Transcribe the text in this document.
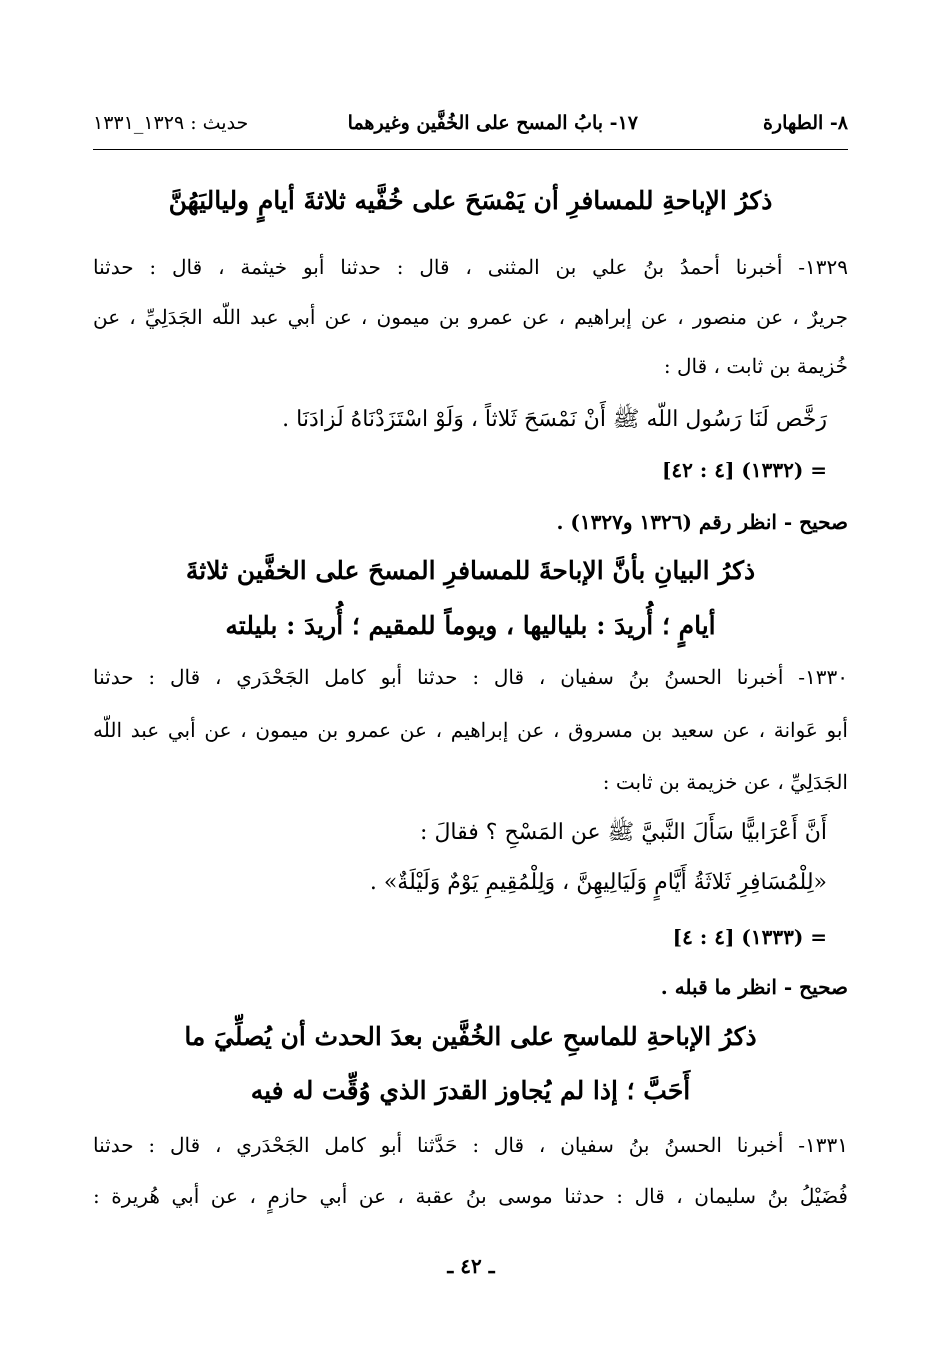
٨- الطهارة
١٧- بابُ المسح على الخُفَّين وغيرهما
حديث : ١٣٢٩_١٣٣١
ذكرُ الإباحةِ للمسافرِ أن يَمْسَحَ على خُفَّيه ثلاثةَ أيامٍ ولياليَهُنَّ
١٣٢٩- أخبرنا أحمدُ بنُ علي بن المثنى ، قال : حدثنا أبو خيثمة ، قال : حدثنا
جريرٌ ، عن منصور ، عن إبراهيم ، عن عمرو بن ميمون ، عن أبي عبد اللّه الجَدَلِيِّ ، عن
خُزيمة بن ثابت ، قال :
رَخَّص لَنَا رَسُول اللّه ﷺ أَنْ نَمْسَحَ ثَلاثاً ، وَلَوْ اسْتَزَدْنَاهُ لَزادَنَا .
= (١٣٣٢) [٤ : ٤٢]
صحيح - انظر رقم (١٣٢٦ و١٣٢٧) .
ذكرُ البيانِ بأنَّ الإباحةَ للمسافرِ المسحَ على الخفَّين ثلاثةَ
أيامٍ ؛ أُريدَ : بلياليها ، ويوماً للمقيم ؛ أُريدَ : بليلته
١٣٣٠- أخبرنا الحسنُ بنُ سفيان ، قال : حدثنا أبو كامل الجَحْدَري ، قال : حدثنا
أبو عَوانة ، عن سعيد بن مسروق ، عن إبراهيم ، عن عمرو بن ميمون ، عن أبي عبد اللّه
الجَدَلِيِّ ، عن خزيمة بن ثابت :
أَنَّ أَعْرَابيًّا سَأَلَ النَّبيَّ ﷺ عن المَسْحِ ؟ فقالَ :
«لِلْمُسَافِرِ ثَلاثَةُ أَيَّامٍ وَلَيَالِيهِنَّ ، وَلِلْمُقِيمِ يَوْمٌ وَلَيْلَةٌ» .
= (١٣٣٣) [٤ : ٤]
صحيح - انظر ما قبله .
ذكرُ الإباحةِ للماسحِ على الخُفَّين بعدَ الحدث أن يُصلِّيَ ما
أَحَبَّ ؛ إذا لم يُجاوز القدرَ الذي وُقِّت له فيه
١٣٣١- أخبرنا الحسنُ بنُ سفيان ، قال : حَدَّثنا أبو كامل الجَحْدَري ، قال : حدثنا
فُضَيْلُ بنُ سليمان ، قال : حدثنا موسى بنُ عقبة ، عن أبي حازمٍ ، عن أبي هُريرة :
ـ ٤٢ ـ
